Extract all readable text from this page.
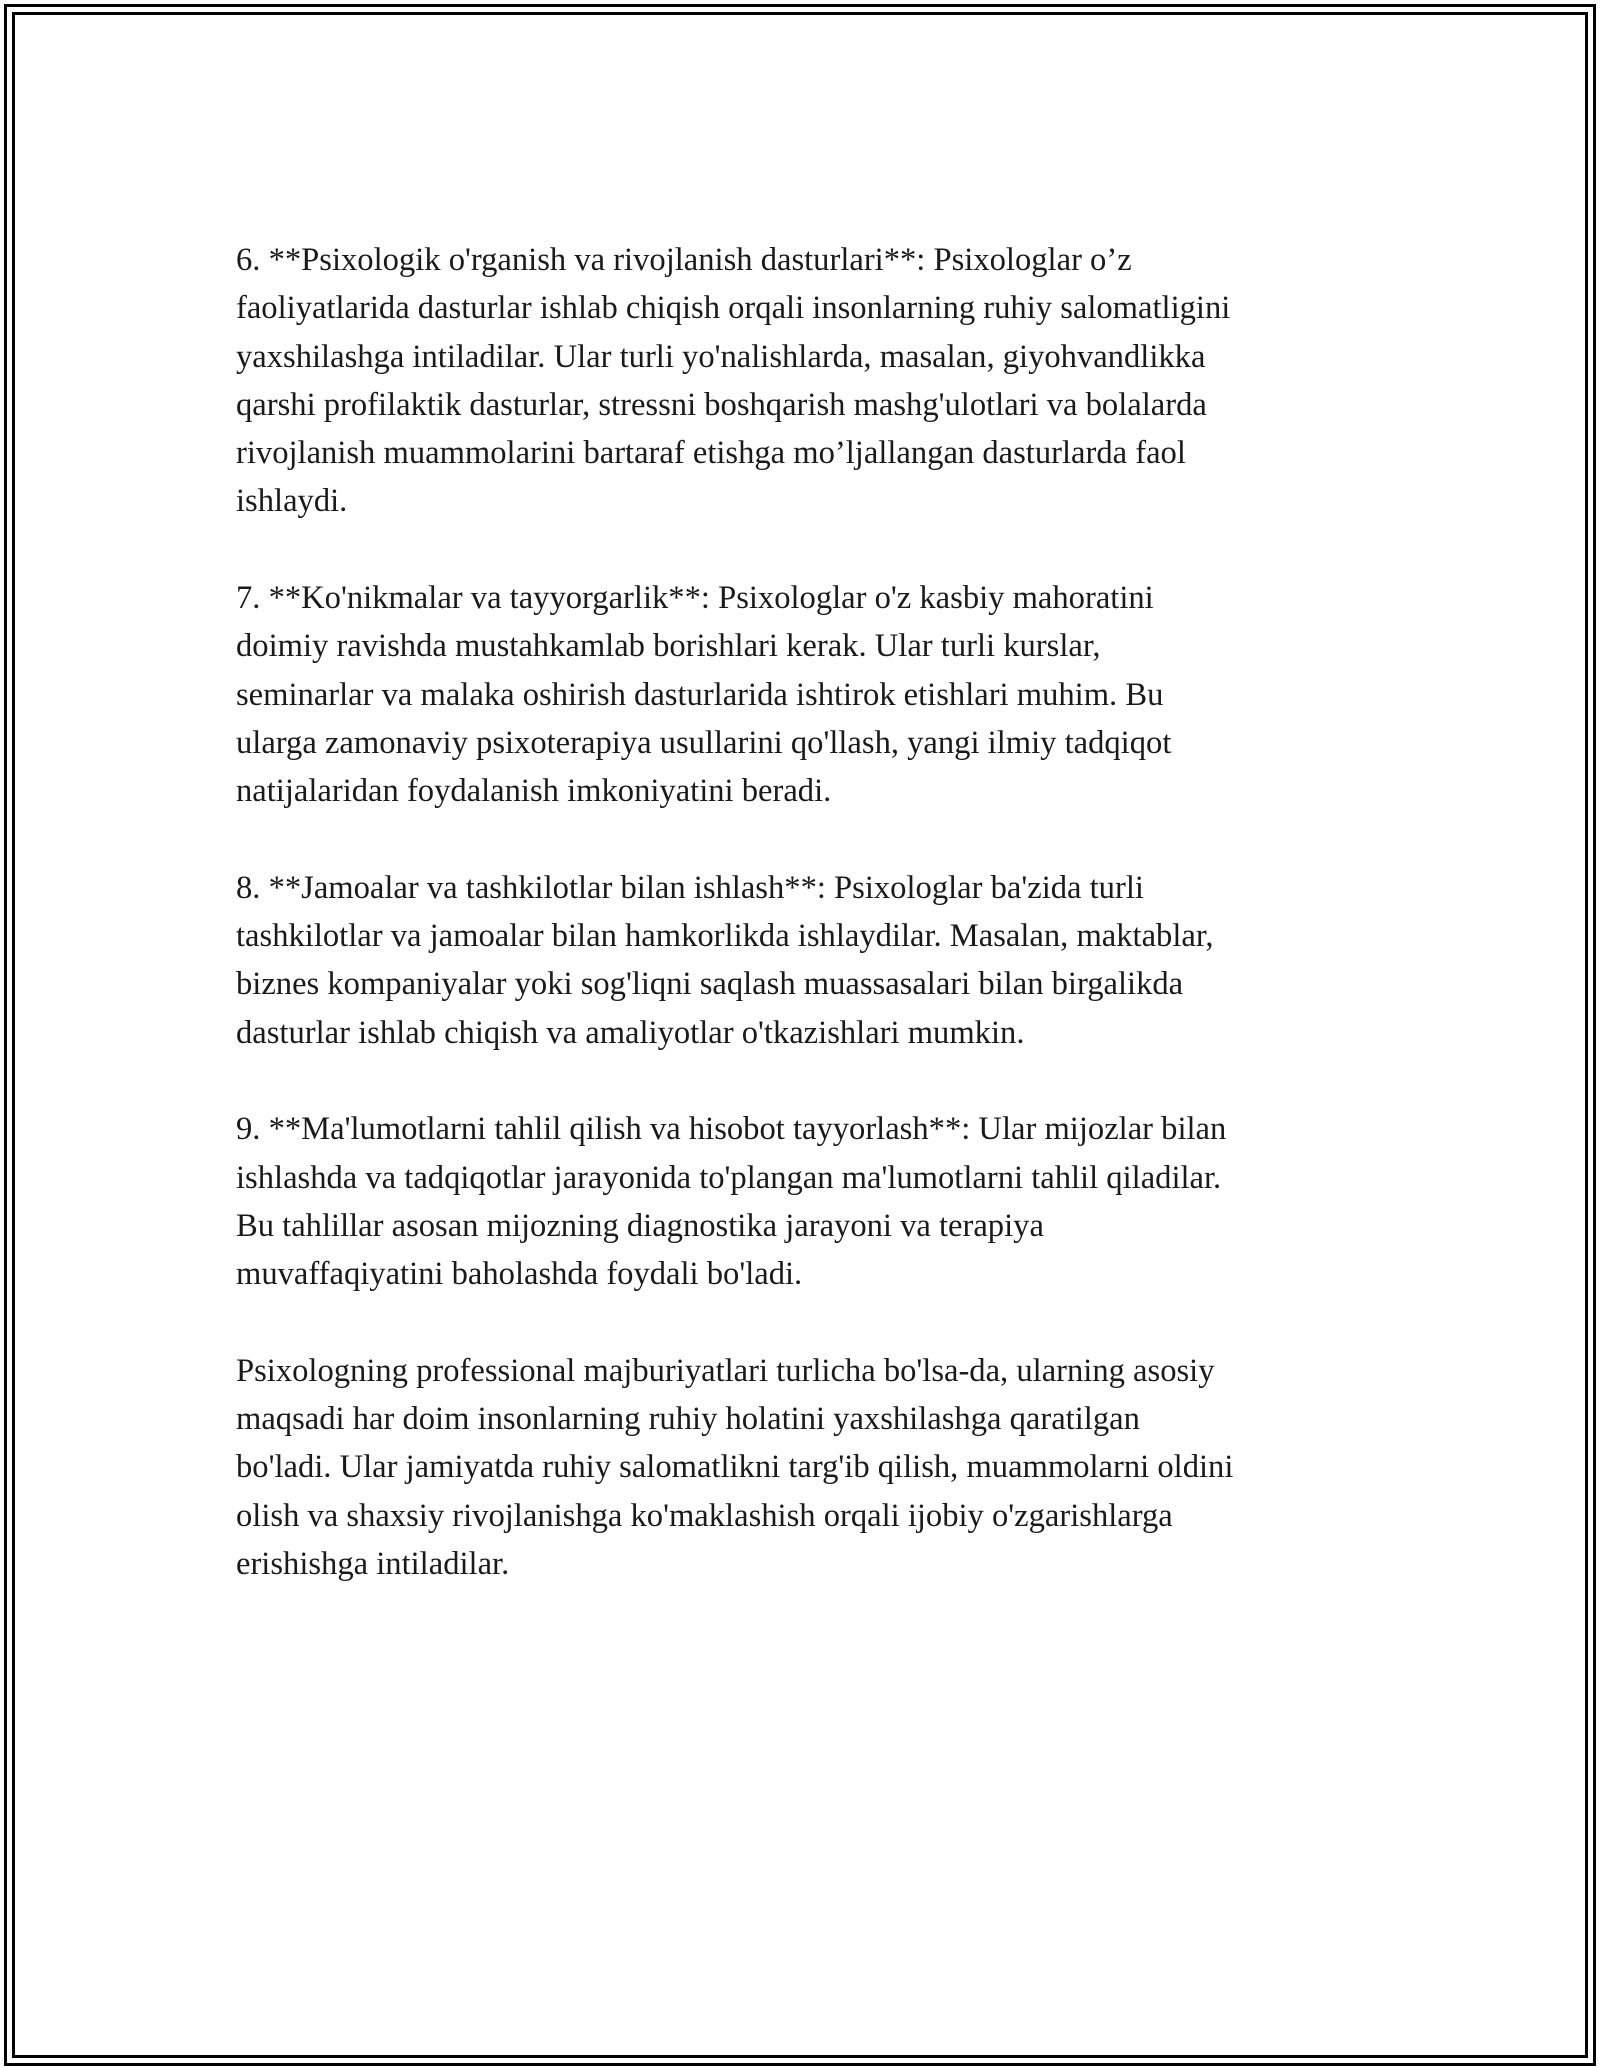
6. **Psixologik o'rganish va rivojlanish dasturlari**: Psixologlar o’z
faoliyatlarida dasturlar ishlab chiqish orqali insonlarning ruhiy salomatligini
yaxshilashga intiladilar. Ular turli yo'nalishlarda, masalan, giyohvandlikka
qarshi profilaktik dasturlar, stressni boshqarish mashg'ulotlari va bolalarda
rivojlanish muammolarini bartaraf etishga mo’ljallangan dasturlarda faol
ishlaydi.

7. **Ko'nikmalar va tayyorgarlik**: Psixologlar o'z kasbiy mahoratini
doimiy ravishda mustahkamlab borishlari kerak. Ular turli kurslar,
seminarlar va malaka oshirish dasturlarida ishtirok etishlari muhim. Bu
ularga zamonaviy psixoterapiya usullarini qo'llash, yangi ilmiy tadqiqot
natijalaridan foydalanish imkoniyatini beradi.

8. **Jamoalar va tashkilotlar bilan ishlash**: Psixologlar ba'zida turli
tashkilotlar va jamoalar bilan hamkorlikda ishlaydilar. Masalan, maktablar,
biznes kompaniyalar yoki sog'liqni saqlash muassasalari bilan birgalikda
dasturlar ishlab chiqish va amaliyotlar o'tkazishlari mumkin.

9. **Ma'lumotlarni tahlil qilish va hisobot tayyorlash**: Ular mijozlar bilan
ishlashda va tadqiqotlar jarayonida to'plangan ma'lumotlarni tahlil qiladilar.
Bu tahlillar asosan mijozning diagnostika jarayoni va terapiya
muvaffaqiyatini baholashda foydali bo'ladi.

Psixologning professional majburiyatlari turlicha bo'lsa-da, ularning asosiy
maqsadi har doim insonlarning ruhiy holatini yaxshilashga qaratilgan
bo'ladi. Ular jamiyatda ruhiy salomatlikni targ'ib qilish, muammolarni oldini
olish va shaxsiy rivojlanishga ko'maklashish orqali ijobiy o'zgarishlarga
erishishga intiladilar.
